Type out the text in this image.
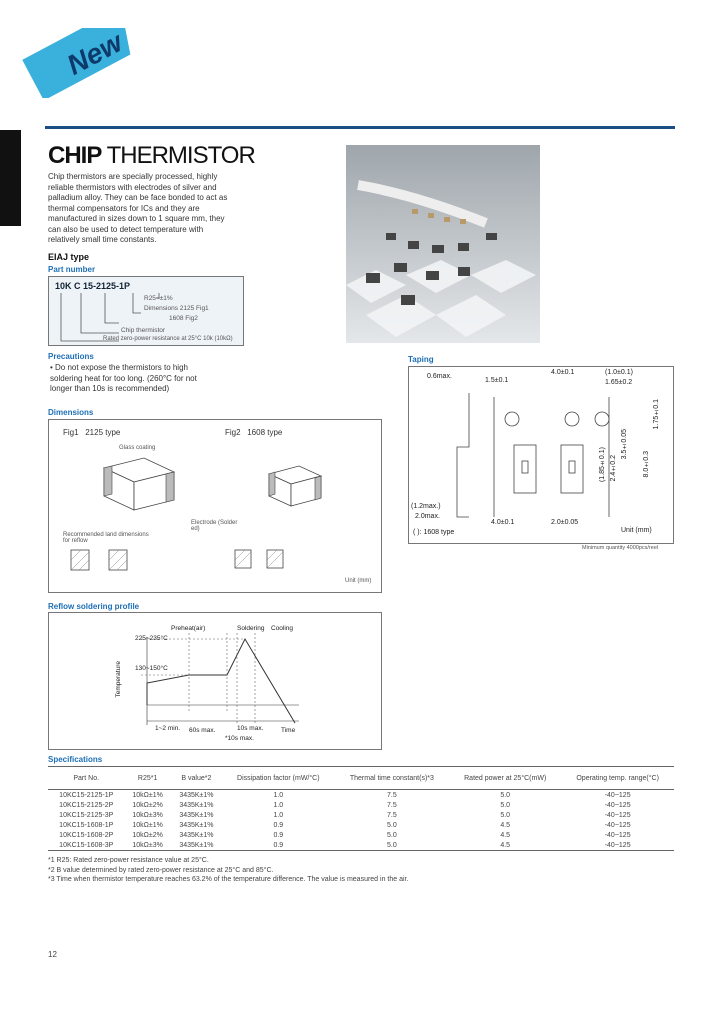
New
CHIP THERMISTOR
Chip thermistors are specially processed, highly reliable thermistors with electrodes of silver and palladium alloy. They can be face bonded to act as thermal compensators for ICs and they are manufactured in sizes down to 1 square mm, they can also be used to detect temperature with relatively small time constants.
EIAJ type
Part number
10K C 15-2125-1P
R25=±1%
Dimensions 2125 Fig1
1608 Fig2
Chip thermistor
Rated zero-power resistance at 25°C 10k (10kΩ)
Precautions
• Do not expose the thermistors to high soldering heat for too long. (260°C for not longer than 10s is recommended)
Dimensions
Fig1 2125 type	Fig2 1608 type
Glass coating
Electrode (Solder ed)
Recommended land dimensions for reflow
Unit (mm)
Taping
0.6max.
1.5±0.1
4.0±0.1	(1.0±0.1)
1.65±0.2
1.75±0.1
3.5±0.05
(1.85±0.1) 2.4±0.2	8.0±0.3
(1.2max.)
2.0max.
4.0±0.1	2.0±0.05
Unit (mm)
( ): 1608 type
Minimum quantity 4000pcs/reel
Reflow soldering profile
Preheat(air)	Soldering Cooling
225~235°C
130~150°C
Temperature
1~2 min. 60s max.	10s max.	Time
*10s max.
Specifications
Part No.	R25*1	B value*2	Dissipation factor (mW/°C)	Thermal time constant(s)*3	Rated power at 25°C(mW)	Operating temp. range(°C)
10KC15-2125-1P	10kΩ±1%	3435K±1%	1.0	7.5	5.0	-40~125
10KC15-2125-2P	10kΩ±2%	3435K±1%	1.0	7.5	5.0	-40~125
10KC15-2125-3P	10kΩ±3%	3435K±1%	1.0	7.5	5.0	-40~125
10KC15-1608-1P	10kΩ±1%	3435K±1%	0.9	5.0	4.5	-40~125
10KC15-1608-2P	10kΩ±2%	3435K±1%	0.9	5.0	4.5	-40~125
10KC15-1608-3P	10kΩ±3%	3435K±1%	0.9	5.0	4.5	-40~125
*1 R25: Rated zero-power resistance value at 25°C.
*2 B value determined by rated zero-power resistance at 25°C and 85°C.
*3 Time when thermistor temperature reaches 63.2% of the temperature difference. The value is measured in the air.
12
